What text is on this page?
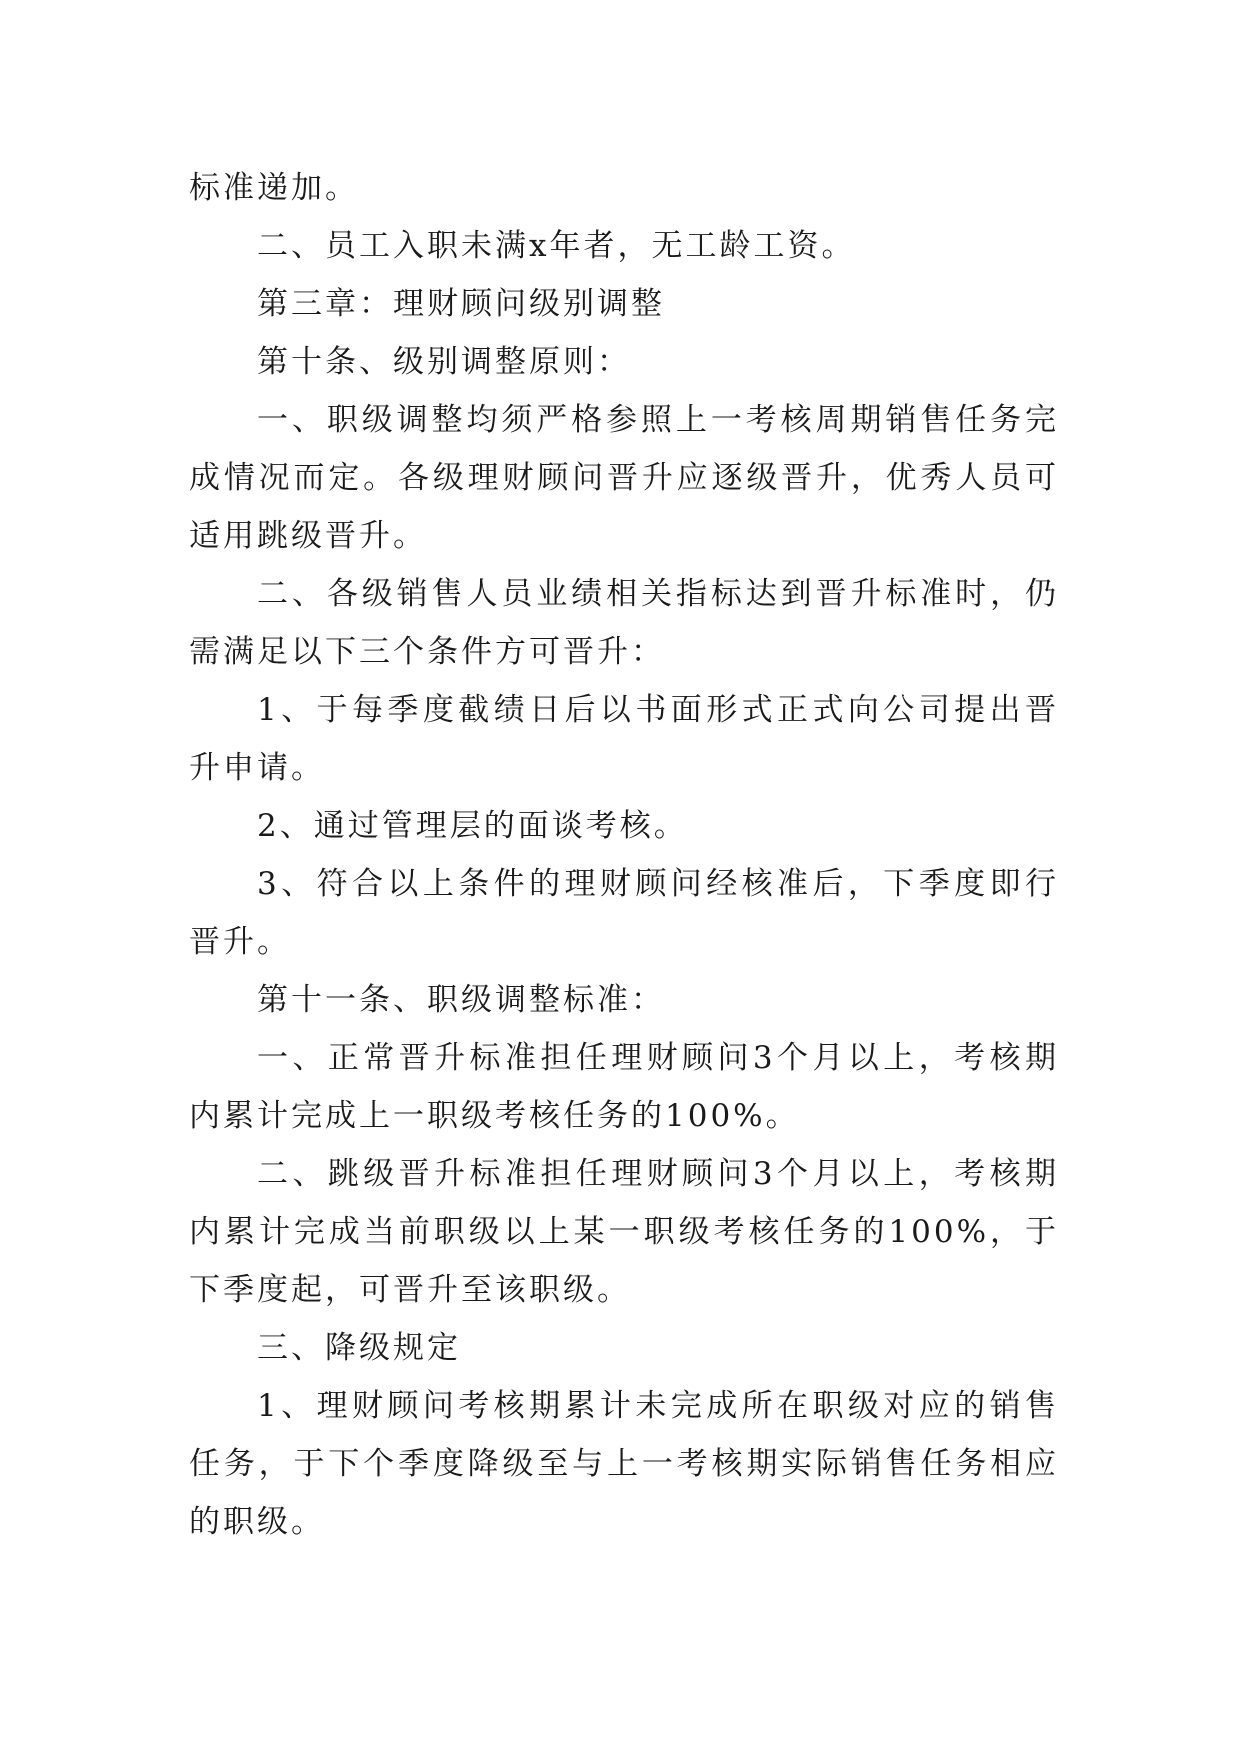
标准递加。

二、员工入职未满x年者，无工龄工资。

第三章：理财顾问级别调整

第十条、级别调整原则：

一、职级调整均须严格参照上一考核周期销售任务完成情况而定。各级理财顾问晋升应逐级晋升，优秀人员可适用跳级晋升。

二、各级销售人员业绩相关指标达到晋升标准时，仍需满足以下三个条件方可晋升：

1、于每季度截绩日后以书面形式正式向公司提出晋升申请。

2、通过管理层的面谈考核。

3、符合以上条件的理财顾问经核准后，下季度即行晋升。

第十一条、职级调整标准：

一、正常晋升标准担任理财顾问3个月以上，考核期内累计完成上一职级考核任务的100%。

二、跳级晋升标准担任理财顾问3个月以上，考核期内累计完成当前职级以上某一职级考核任务的100%，于下季度起，可晋升至该职级。

三、降级规定

1、理财顾问考核期累计未完成所在职级对应的销售任务，于下个季度降级至与上一考核期实际销售任务相应的职级。
